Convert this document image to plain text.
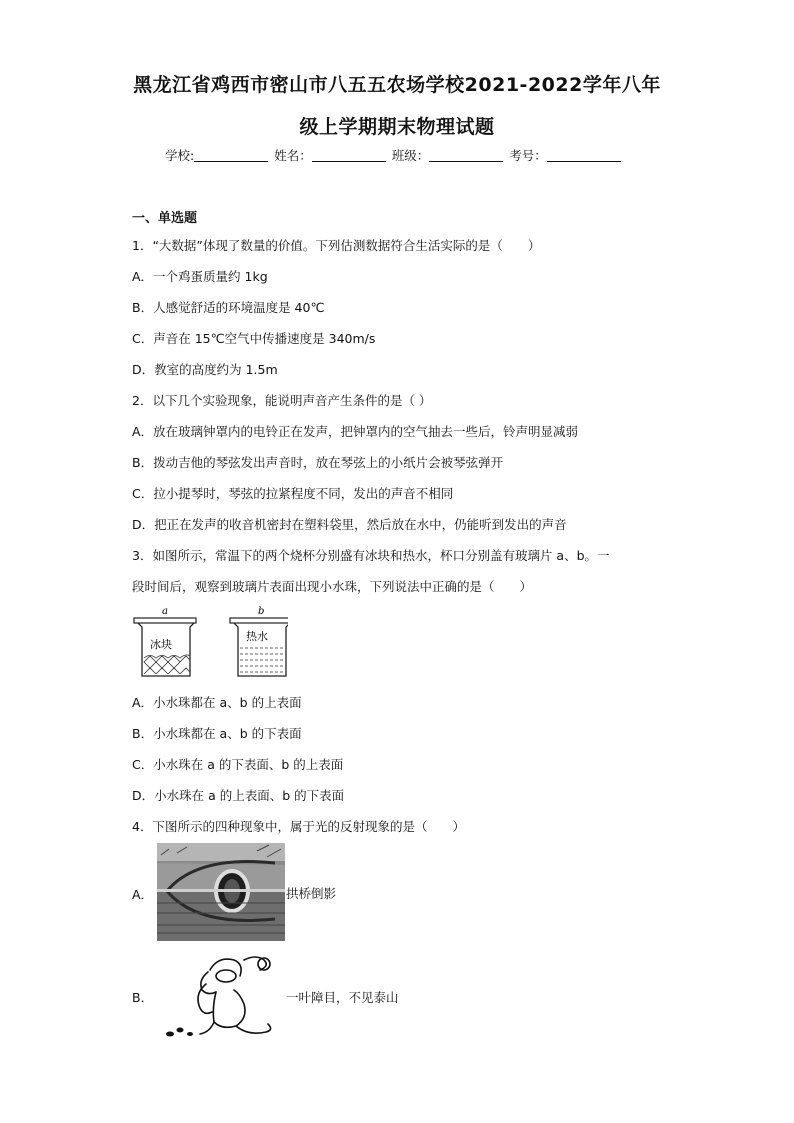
黑龙江省鸡西市密山市八五五农场学校2021-2022学年八年
级上学期期末物理试题
学校:	姓名：	班级：	考号：
一、单选题
1．“大数据”体现了数量的价值。下列估测数据符合生活实际的是（　　）
A．一个鸡蛋质量约 1kg
B．人感觉舒适的环境温度是 40℃
C．声音在 15℃空气中传播速度是 340m/s
D．教室的高度约为 1.5m
2．以下几个实验现象，能说明声音产生条件的是（ ）
A．放在玻璃钟罩内的电铃正在发声，把钟罩内的空气抽去一些后，铃声明显减弱
B．拨动吉他的琴弦发出声音时，放在琴弦上的小纸片会被琴弦弹开
C．拉小提琴时，琴弦的拉紧程度不同，发出的声音不相同
D．把正在发声的收音机密封在塑料袋里，然后放在水中，仍能听到发出的声音
3．如图所示，常温下的两个烧杯分别盛有冰块和热水，杯口分别盖有玻璃片 a、b。一
段时间后，观察到玻璃片表面出现小水珠，下列说法中正确的是（　　）
a
冰块
b
热水
A．小水珠都在 a、b 的上表面
B．小水珠都在 a、b 的下表面
C．小水珠在 a 的下表面、b 的上表面
D．小水珠在 a 的上表面、b 的下表面
4．下图所示的四种现象中，属于光的反射现象的是（　　）
A．	拱桥倒影
B．	一叶障目，不见泰山
